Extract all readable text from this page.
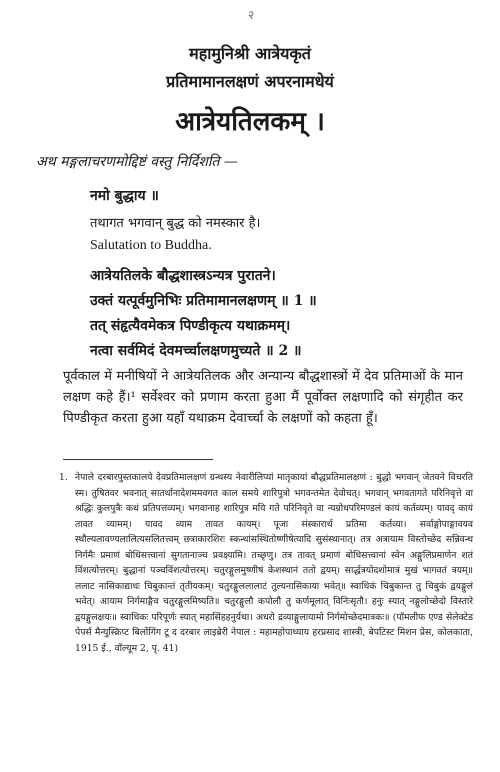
२
महामुनिश्री आत्रेयकृतं
प्रतिमामानलक्षणं अपरनामधेयं
आत्रेयतिलकम् ।
अथ मङ्गलाचरणमोद्दिष्टं वस्तु निर्दिशति —
नमो बुद्धाय ॥
तथागत भगवान् बुद्ध को नमस्कार है।
Salutation to Buddha.
आत्रेयतिलके बौद्धशास्त्रऽन्यत्र पुरातने।
उक्तं यत्पूर्वमुनिभिः प्रतिमामानलक्षणम् ॥ 1 ॥
तत् संहृत्यैवमेकत्र पिण्डीकृत्य यथाक्रमम्।
नत्वा सर्वमिदं देवमर्च्चालक्षणमुच्यते ॥ 2 ॥
पूर्वकाल में मनीषियों ने आत्रेयतिलक और अन्यान्य बौद्धशास्त्रों में देव प्रतिमाओं के मान लक्षण कहे हैं।¹ सर्वेश्वर को प्रणाम करता हुआ मैं पूर्वोक्त लक्षणादि को संगृहीत कर पिण्डीकृत करता हुआ यहाँ यथाक्रम देवार्च्चा के लक्षणों को कहता हूँ।
1. नेपाले दरबारपुस्तकालये देवप्रतिमालक्षणं ग्रन्थस्य नेवारीलिप्यां मातृकायां बौद्धप्रतिमालक्षणं : बुद्धो भगवान् जेतवने विचरति स्म। तुषितवर भवनात् सातर्थानादेशममवगत काल समये शारिपुत्रो भगवन्तमेत देवोचत्। भगवान् भगवतागते परिनिवृत्ते वा श्रद्धिः कुलपुत्रैः कथं प्रतिपत्तव्यम्। भगवानाह शारिपुत्र मयि गते परिनिवृते वा न्यग्रोधपरिमण्डलं कायं कर्तव्यम्। यावद् कायं तावत व्यामम्। यावद व्याम तावत कायम्। पूजा संस्कारार्थ प्रतिमा कर्तव्या। सर्वाङ्गोपाङ्गावयव स्थौल्यलावण्यलालित्यसलितत्त्वम् छत्राकारशिरः स्कन्धांसस्थितोष्णीषेत्यादि सुसंस्थानात्। तत्र अत्रायाम विस्तोच्छेद सन्निवन्ध निर्गमैः प्रमाणं बोधिसत्त्वानां सुगतानाञ्च प्रवक्ष्यामि। तच्छृणु। तत्र तावत् प्रमाणं बोधिसत्त्वानां स्वेन अङ्गुलिप्रमाणेन शतं विंशत्योत्तरम्। बुद्धानां पञ्चविंशत्योत्तरम्। चतुरङ्गुलमुष्णीषं केशस्थानं ततो द्वयम्। सार्द्धत्रयोदशोमात्रं मुखं भागवतं त्रयम्॥ ललाट नासिकाद्याधः चिबुकान्तं तृतीयकम्। चतुरङ्गुललालाटं तुल्यनासिकाया भवेत्॥ स्वाधिकं चिबुकान्त तु चिबुकं द्वयङ्गुलं भवेत्। आयाम निर्गमाङ्गैव चतुरङ्गुलमिष्यति॥ चतुरङ्गुलौ कपोलौ तु कर्णमूलात् विनिःसृतौ। हनुः स्यात् नङ्गुलोच्छेदो विस्तारे द्वयङ्गुलक्षयः॥ स्वाधिकः परिपूर्णः स्यात् महासिंहहनुर्यथा। अधरो द्रव्याङ्गुलायामो निर्गमोच्छेदमात्रकः॥ (पॉमलीफ एण्ड सेलेक्टेड पेपर्स मैन्युस्क्रिप्ट बिलोंगिंग टू द दरबार लाइब्रेरी नेपाल : महामहोपाध्याय हरप्रसाद शास्त्री, बेपटिस्ट मिशन प्रेस, कोलकाता, 1915 ई., वॉल्यूम 2, पृ. 41)
